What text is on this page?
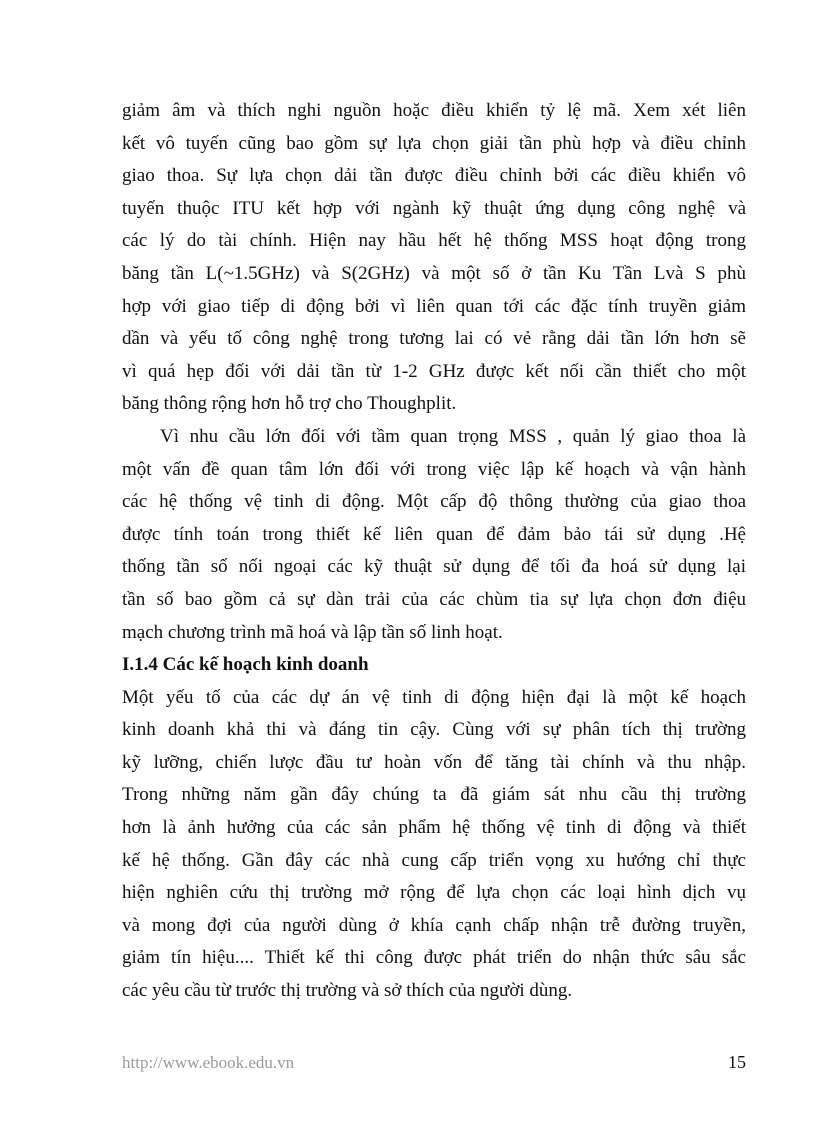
giảm âm và thích nghi nguồn hoặc điều khiển tỷ lệ mã. Xem xét liên
kết vô tuyến cũng bao gồm sự lựa chọn giải tần phù hợp và điều chỉnh
giao thoa. Sự lựa chọn dải tần được điều chỉnh bởi các điều khiển vô
tuyến thuộc ITU kết hợp với ngành kỹ thuật ứng dụng công nghệ và
các lý do tài chính. Hiện nay hầu hết hệ thống MSS hoạt động trong
băng tần L(~1.5GHz) và S(2GHz) và một số ở tần Ku Tần Lvà S phù
hợp với giao tiếp di động bởi vì liên quan tới các đặc tính truyền giảm
dần và yếu tố công nghệ trong tương lai có vẻ rằng dải tần lớn hơn sẽ
vì quá hẹp đối với dải tần từ 1-2 GHz được kết nối cần thiết cho một
băng thông rộng hơn hỗ trợ cho Thoughplit.
Vì nhu cầu lớn đối với tầm quan trọng MSS , quản lý giao thoa là
một vấn đề quan tâm lớn đối với trong việc lập kế hoạch và vận hành
các hệ thống vệ tinh di động. Một cấp độ thông thường của giao thoa
được tính toán trong thiết kế liên quan để đảm bảo tái sử dụng .Hệ
thống tần số nối ngoại các kỹ thuật sử dụng để tối đa hoá sử dụng lại
tần số bao gồm cả sự dàn trải của các chùm tia sự lựa chọn đơn điệu
mạch chương trình mã hoá và lập tần số linh hoạt.
I.1.4 Các kế hoạch kinh doanh
Một yếu tố của các dự án vệ tinh di động hiện đại là một kế hoạch
kinh doanh khả thi và đáng tin cậy. Cùng với sự phân tích thị trường
kỹ lưỡng, chiến lược đầu tư hoàn vốn để tăng tài chính và thu nhập.
Trong những năm gần đây chúng ta đã giám sát nhu cầu thị trường
hơn là ảnh hưởng của các sản phẩm hệ thống vệ tinh di động và thiết
kế hệ thống. Gần đây các nhà cung cấp triển vọng xu hướng chỉ thực
hiện nghiên cứu thị trường mở rộng để lựa chọn các loại hình dịch vụ
và mong đợi của người dùng ở khía cạnh chấp nhận trễ đường truyền,
giảm tín hiệu.... Thiết kế thi công được phát triển do nhận thức sâu sắc
các yêu cầu từ trước thị trường và sở thích của người dùng.
http://www.ebook.edu.vn	15
